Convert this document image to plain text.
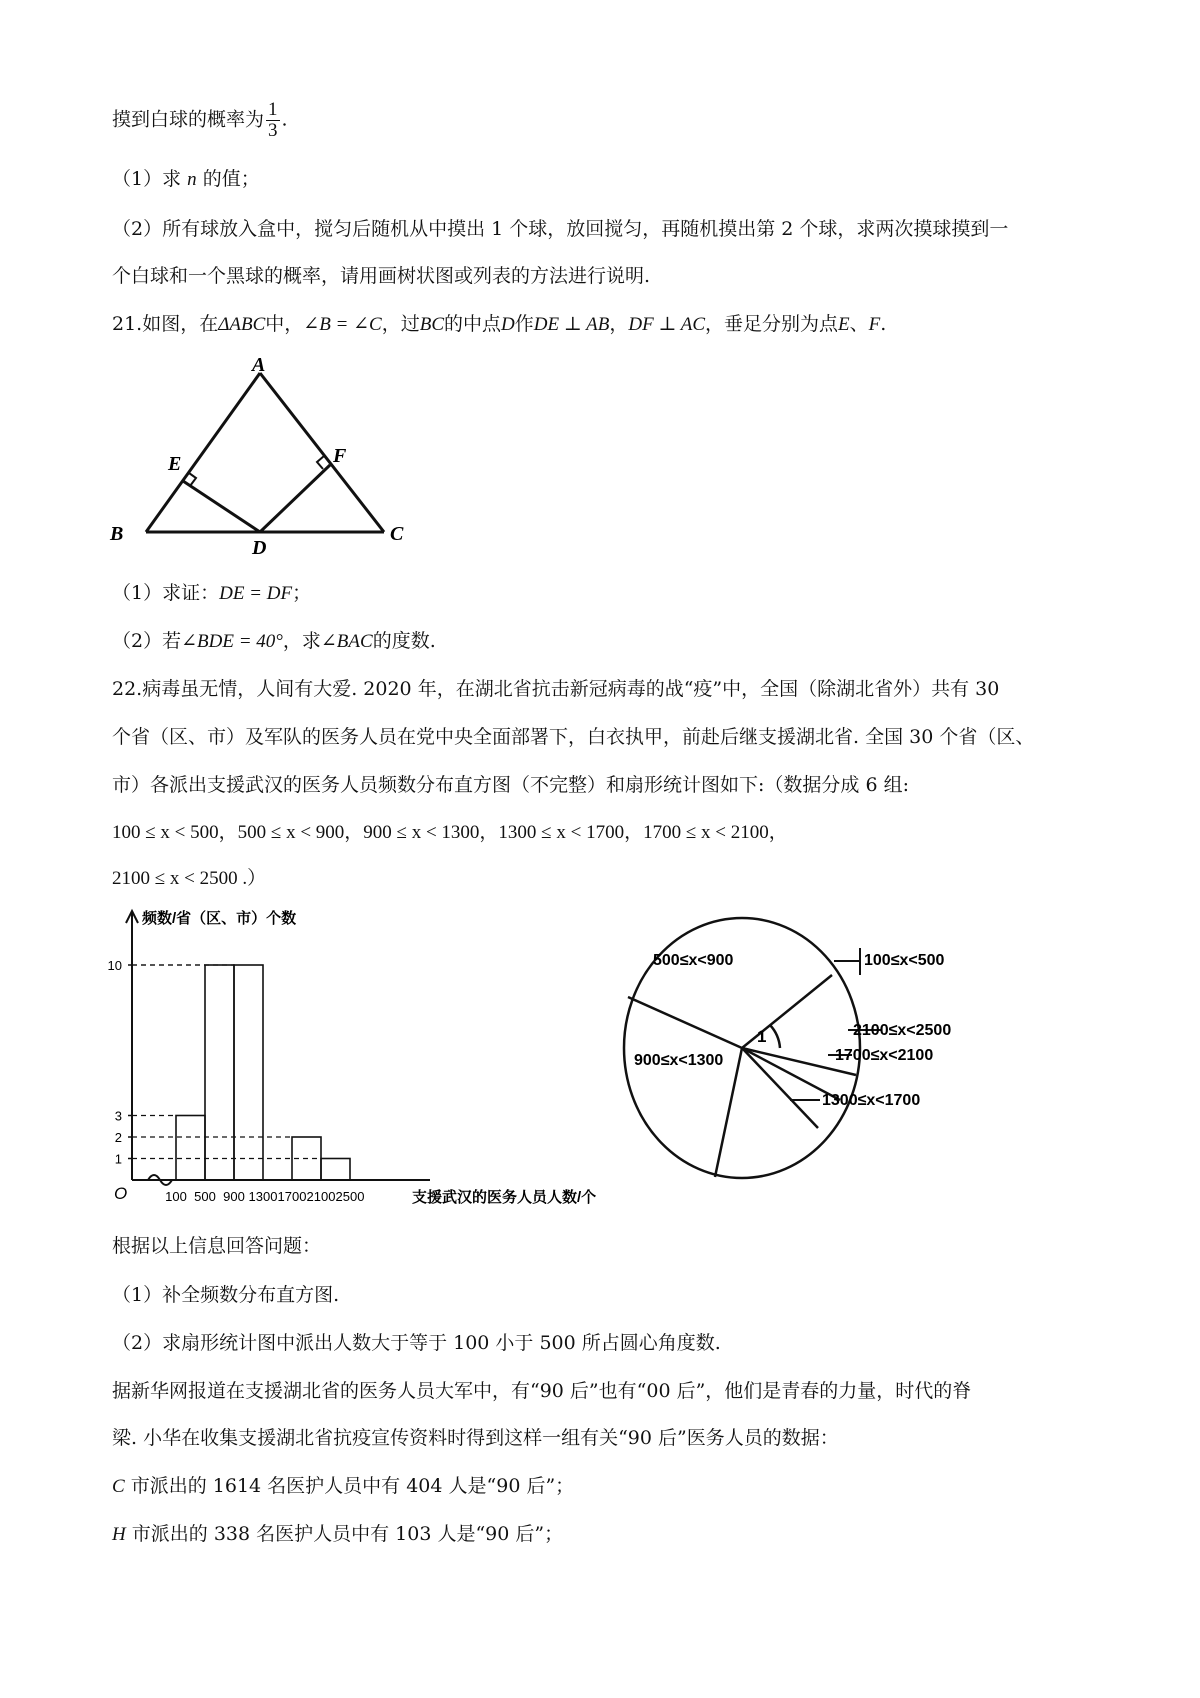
摸到白球的概率为 $\frac{1}{3}$ .
（1）求 n 的值；
（2）所有球放入盒中，搅匀后随机从中摸出 1 个球，放回搅匀，再随机摸出第 2 个球，求两次摸球摸到一
个白球和一个黑球的概率，请用画树状图或列表的方法进行说明.
21.如图，在ΔABC中，∠B = ∠C，过BC的中点D作DE ⊥ AB，DF ⊥ AC，垂足分别为点E、F.
A
B	C
D
E	F
（1）求证：DE = DF；
（2）若∠BDE = 40°，求∠BAC的度数.
22.病毒虽无情，人间有大爱. 2020 年，在湖北省抗击新冠病毒的战“疫”中，全国（除湖北省外）共有 30
个省（区、市）及军队的医务人员在党中央全面部署下，白衣执甲，前赴后继支援湖北省. 全国 30 个省（区、
市）各派出支援武汉的医务人员频数分布直方图（不完整）和扇形统计图如下:（数据分成 6 组:
100 ≤ x < 500，500 ≤ x < 900，900 ≤ x < 1300，1300 ≤ x < 1700，1700 ≤ x < 2100，
2100 ≤ x < 2500 .）
频数/省（区、市）个数
支援武汉的医务人员人数/个
O
1
2
3
10
100 500 900 1300 1700 2100 2500
1
500≤x<900	100≤x<500
2100≤x<2500
1700≤x<2100
1300≤x<1700
900≤x<1300
根据以上信息回答问题：
（1）补全频数分布直方图.
（2）求扇形统计图中派出人数大于等于 100 小于 500 所占圆心角度数.
据新华网报道在支援湖北省的医务人员大军中，有“90 后”也有“00 后”，他们是青春的力量，时代的脊
梁. 小华在收集支援湖北省抗疫宣传资料时得到这样一组有关“90 后”医务人员的数据：
C 市派出的 1614 名医护人员中有 404 人是“90 后”；
H 市派出的 338 名医护人员中有 103 人是“90 后”；
